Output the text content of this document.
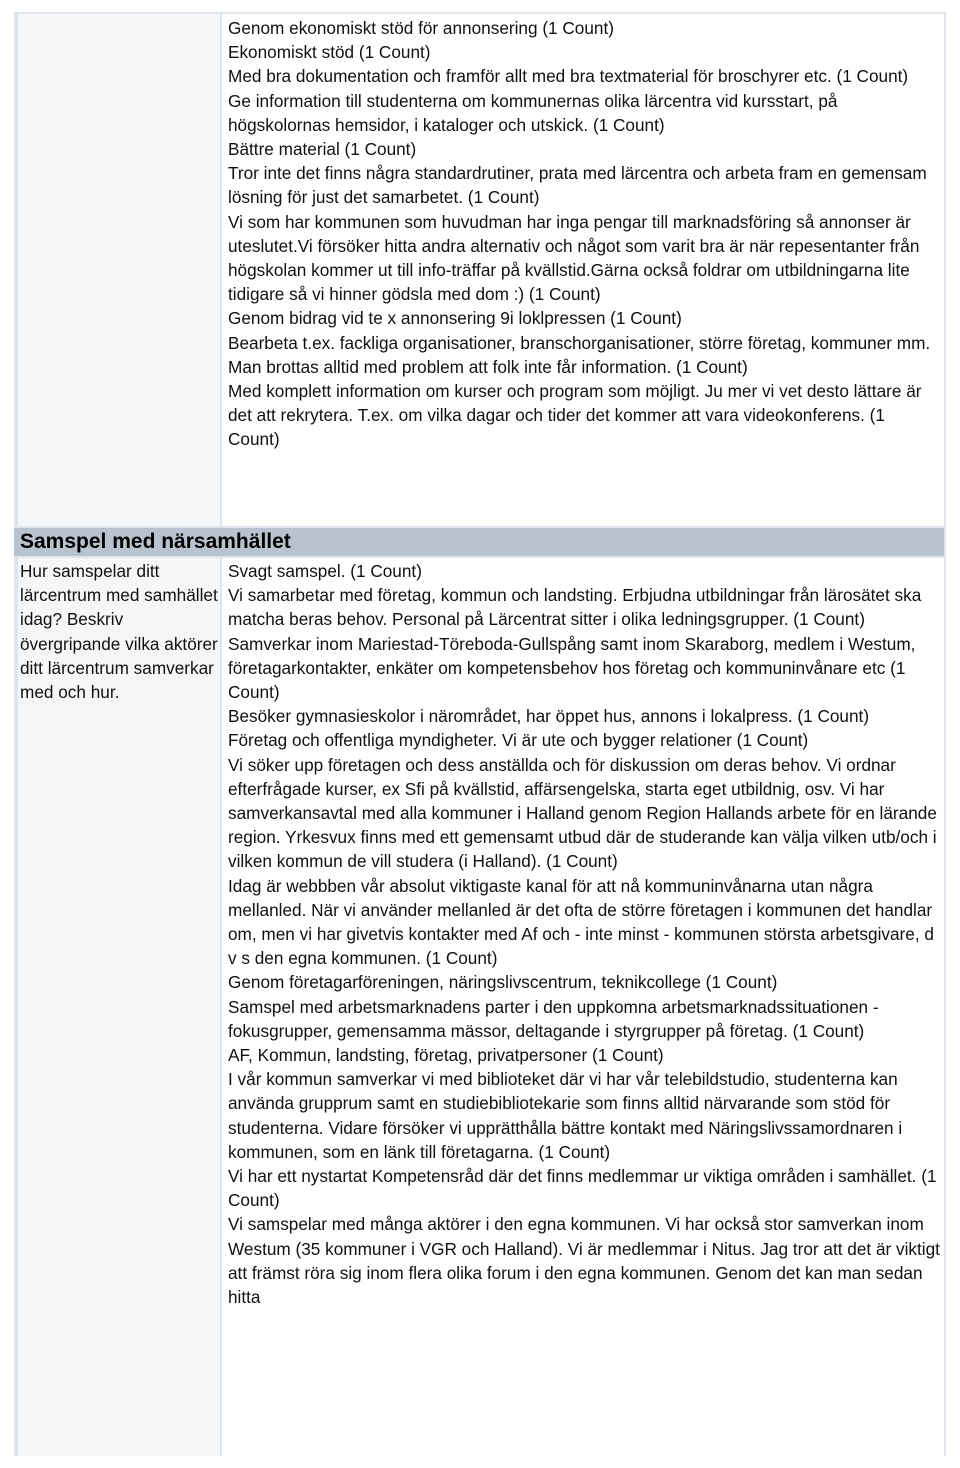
Genom ekonomiskt stöd för annonsering (1 Count)

Ekonomiskt stöd (1 Count)

Med bra dokumentation och framför allt med bra textmaterial för broschyrer etc. (1 Count)

Ge information till studenterna om kommunernas olika lärcentra vid kursstart, på högskolornas hemsidor, i kataloger och utskick. (1 Count)

Bättre material (1 Count)

Tror inte det finns några standardrutiner, prata med lärcentra och arbeta fram en gemensam lösning för just det samarbetet. (1 Count)

Vi som har kommunen som huvudman har inga pengar till marknadsföring så annonser är uteslutet.Vi försöker hitta andra alternativ och något som varit bra är när repesentanter från högskolan kommer ut till info-träffar på kvällstid.Gärna också foldrar om utbildningarna lite tidigare så vi hinner gödsla med dom :) (1 Count)

Genom bidrag vid te x annonsering 9i loklpressen (1 Count)

Bearbeta t.ex. fackliga organisationer, branschorganisationer, större företag, kommuner mm. Man brottas alltid med problem att folk inte får information. (1 Count)

Med komplett information om kurser och program som möjligt. Ju mer vi vet desto lättare är det att rekrytera. T.ex. om vilka dagar och tider det kommer att vara videokonferens. (1 Count)

Samspel med närsamhället

Hur samspelar ditt lärcentrum med samhället idag? Beskriv övergripande vilka aktörer ditt lärcentrum samverkar med och hur.

Svagt samspel. (1 Count)

Vi samarbetar med företag, kommun och landsting. Erbjudna utbildningar från lärosätet ska matcha beras behov. Personal på Lärcentrat sitter i olika ledningsgrupper. (1 Count)

Samverkar inom Mariestad-Töreboda-Gullspång samt inom Skaraborg, medlem i Westum, företagarkontakter, enkäter om kompetensbehov hos företag och kommuninvånare etc (1 Count)

Besöker gymnasieskolor i närområdet, har öppet hus, annons i lokalpress. (1 Count)

Företag och offentliga myndigheter. Vi är ute och bygger relationer (1 Count)

Vi söker upp företagen och dess anställda och för diskussion om deras behov. Vi ordnar efterfrågade kurser, ex Sfi på kvällstid, affärsengelska, starta eget utbildnig, osv. Vi har samverkansavtal med alla kommuner i Halland genom Region Hallands arbete för en lärande region. Yrkesvux finns med ett gemensamt utbud där de studerande kan välja vilken utb/och i vilken kommun de vill studera (i Halland). (1 Count)

Idag är webbben vår absolut viktigaste kanal för att nå kommuninvånarna utan några mellanled. När vi använder mellanled är det ofta de större företagen i kommunen det handlar om, men vi har givetvis kontakter med Af och - inte minst - kommunen största arbetsgivare, d v s den egna kommunen. (1 Count)

Genom företagarföreningen, näringslivscentrum, teknikcollege (1 Count)

Samspel med arbetsmarknadens parter i den uppkomna arbetsmarknadssituationen - fokusgrupper, gemensamma mässor, deltagande i styrgrupper på företag. (1 Count)

AF, Kommun, landsting, företag, privatpersoner (1 Count)

I vår kommun samverkar vi med biblioteket där vi har vår telebildstudio, studenterna kan använda grupprum samt en studiebibliotekarie som finns alltid närvarande som stöd för studenterna. Vidare försöker vi upprätthålla bättre kontakt med Näringslivssamordnaren i kommunen, som en länk till företagarna. (1 Count)

Vi har ett nystartat Kompetensråd där det finns medlemmar ur viktiga områden i samhället. (1 Count)

Vi samspelar med många aktörer i den egna kommunen. Vi har också stor samverkan inom Westum (35 kommuner i VGR och Halland). Vi är medlemmar i Nitus. Jag tror att det är viktigt att främst röra sig inom flera olika forum i den egna kommunen. Genom det kan man sedan hitta
